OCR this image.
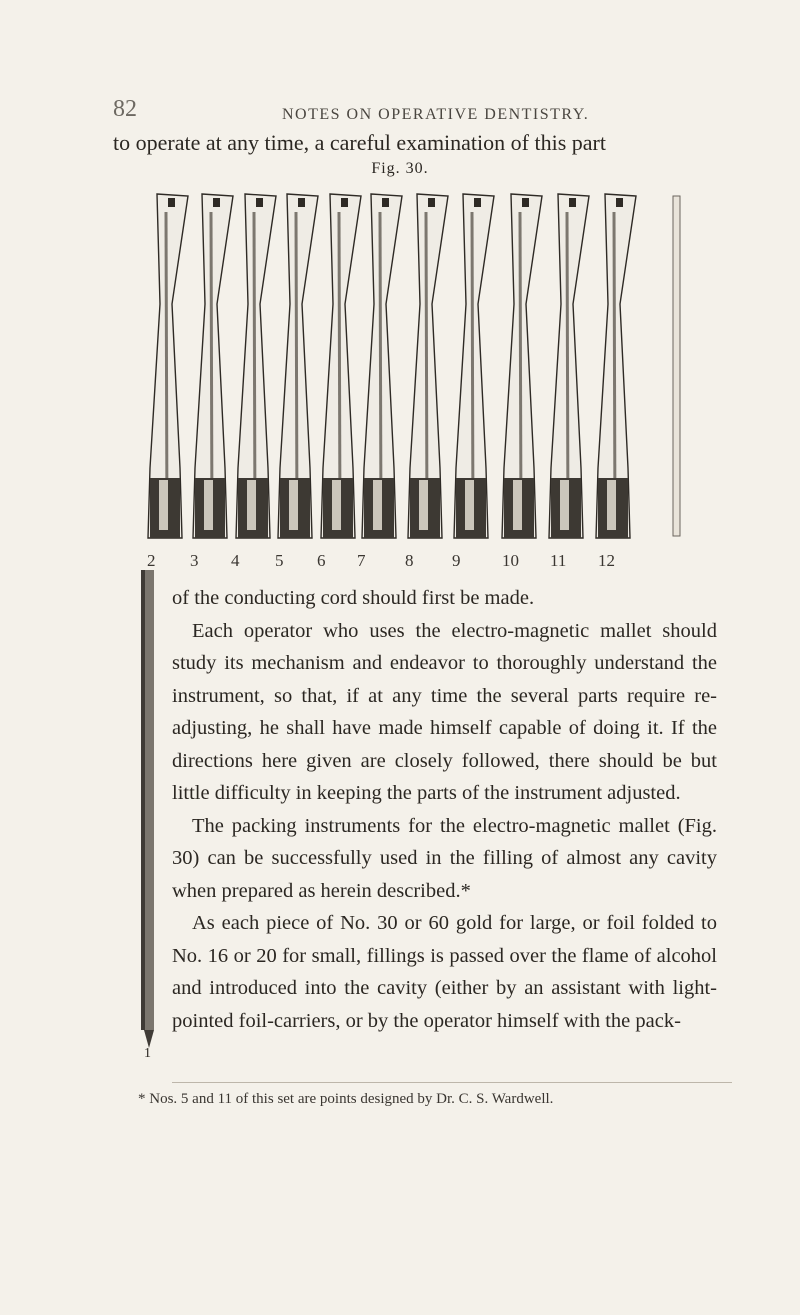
82	NOTES ON OPERATIVE DENTISTRY.
to operate at any time, a careful examination of this part
Fig. 30.
2 3 4 5 6 7 8 9 10 11 12

of the conducting cord should first be made.

Each operator who uses the electro-magnetic mallet should study its mechanism and endeavor to thoroughly understand the instrument, so that, if at any time the several parts require re-adjusting, he shall have made himself capable of doing it. If the directions here given are closely followed, there should be but little difficulty in keeping the parts of the instrument adjusted.

The packing instruments for the electro-magnetic mallet (Fig. 30) can be successfully used in the filling of almost any cavity when prepared as herein described.*

As each piece of No. 30 or 60 gold for large, or foil folded to No. 16 or 20 for small, fillings is passed over the flame of alcohol and introduced into the cavity (either by an assistant with light-pointed foil-carriers, or by the operator himself with the pack-

1
* Nos. 5 and 11 of this set are points designed by Dr. C. S. Wardwell.
